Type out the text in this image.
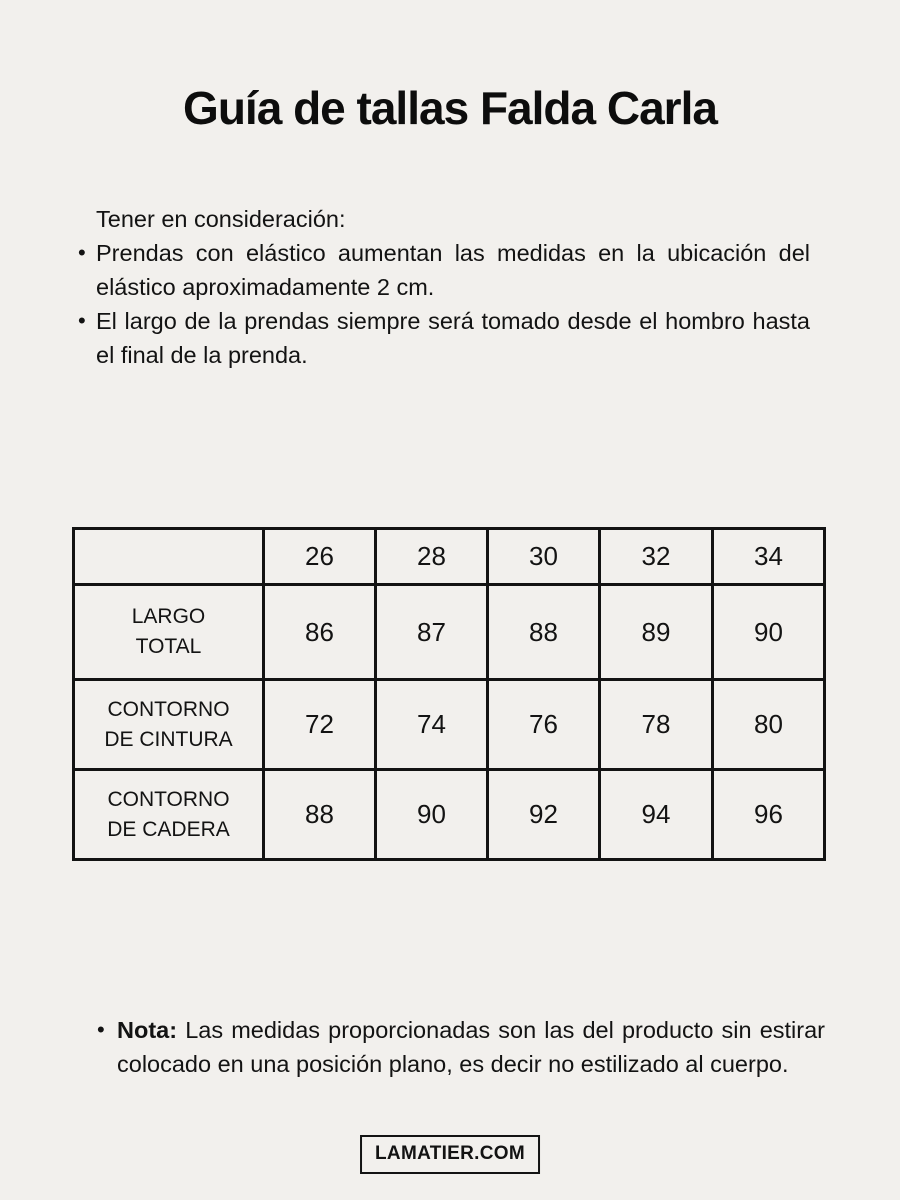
Guía de tallas Falda Carla

Tener en consideración:

• Prendas con elástico aumentan las medidas en la ubicación del elástico aproximadamente 2 cm.
• El largo de la prendas siempre será tomado desde el hombro hasta el final de la prenda.
	26	28	30	32	34
LARGO TOTAL	86	87	88	89	90
CONTORNO DE CINTURA	72	74	76	78	80
CONTORNO DE CADERA	88	90	92	94	96
• Nota: Las medidas proporcionadas son las del producto sin estirar colocado en una posición plano, es decir no estilizado al cuerpo.

LAMATIER.COM
